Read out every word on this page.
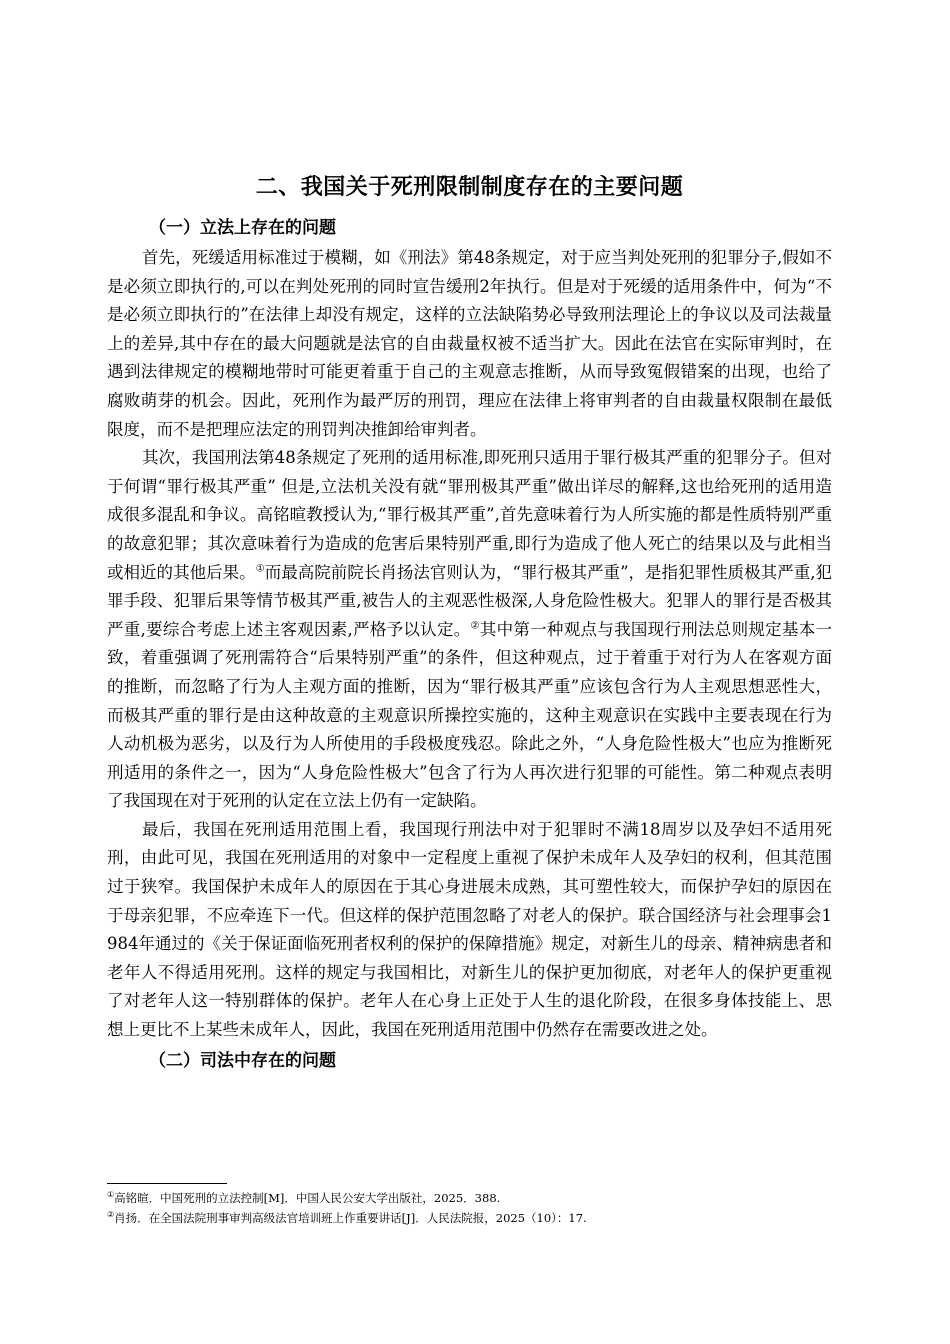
二、我国关于死刑限制制度存在的主要问题
（一）立法上存在的问题

首先，死缓适用标准过于模糊，如《刑法》第48条规定，对于应当判处死刑的犯罪分子,假如不是必须立即执行的,可以在判处死刑的同时宣告缓刑2年执行。但是对于死缓的适用条件中，何为“不是必须立即执行的”在法律上却没有规定，这样的立法缺陷势必导致刑法理论上的争议以及司法裁量上的差异,其中存在的最大问题就是法官的自由裁量权被不适当扩大。因此在法官在实际审判时，在遇到法律规定的模糊地带时可能更着重于自己的主观意志推断，从而导致冤假错案的出现，也给了腐败萌芽的机会。因此，死刑作为最严厉的刑罚，理应在法律上将审判者的自由裁量权限制在最低限度，而不是把理应法定的刑罚判决推卸给审判者。

其次，我国刑法第48条规定了死刑的适用标准,即死刑只适用于罪行极其严重的犯罪分子。但对于何谓“罪行极其严重” 但是,立法机关没有就“罪刑极其严重”做出详尽的解释,这也给死刑的适用造成很多混乱和争议。高铭暄教授认为,“罪行极其严重”,首先意味着行为人所实施的都是性质特别严重的故意犯罪；其次意味着行为造成的危害后果特别严重,即行为造成了他人死亡的结果以及与此相当或相近的其他后果。①而最高院前院长肖扬法官则认为，“罪行极其严重”，是指犯罪性质极其严重,犯罪手段、犯罪后果等情节极其严重,被告人的主观恶性极深,人身危险性极大。犯罪人的罪行是否极其严重,要综合考虑上述主客观因素,严格予以认定。②其中第一种观点与我国现行刑法总则规定基本一致，着重强调了死刑需符合“后果特别严重”的条件，但这种观点，过于着重于对行为人在客观方面的推断，而忽略了行为人主观方面的推断，因为“罪行极其严重”应该包含行为人主观思想恶性大，而极其严重的罪行是由这种故意的主观意识所操控实施的，这种主观意识在实践中主要表现在行为人动机极为恶劣，以及行为人所使用的手段极度残忍。除此之外，“人身危险性极大”也应为推断死刑适用的条件之一，因为“人身危险性极大”包含了行为人再次进行犯罪的可能性。第二种观点表明了我国现在对于死刑的认定在立法上仍有一定缺陷。

最后，我国在死刑适用范围上看，我国现行刑法中对于犯罪时不满18周岁以及孕妇不适用死刑，由此可见，我国在死刑适用的对象中一定程度上重视了保护未成年人及孕妇的权利，但其范围过于狭窄。我国保护未成年人的原因在于其心身进展未成熟，其可塑性较大，而保护孕妇的原因在于母亲犯罪，不应牵连下一代。但这样的保护范围忽略了对老人的保护。联合国经济与社会理事会1984年通过的《关于保证面临死刑者权利的保护的保障措施》规定，对新生儿的母亲、精神病患者和老年人不得适用死刑。这样的规定与我国相比，对新生儿的保护更加彻底，对老年人的保护更重视了对老年人这一特别群体的保护。老年人在心身上正处于人生的退化阶段，在很多身体技能上、思想上更比不上某些未成年人，因此，我国在死刑适用范围中仍然存在需要改进之处。

（二）司法中存在的问题

①高铭暄．中国死刑的立法控制[M]．中国人民公安大学出版社，2025．388.

②肖扬．在全国法院刑事审判高级法官培训班上作重要讲话[J]．人民法院报，2025（10）：17.
